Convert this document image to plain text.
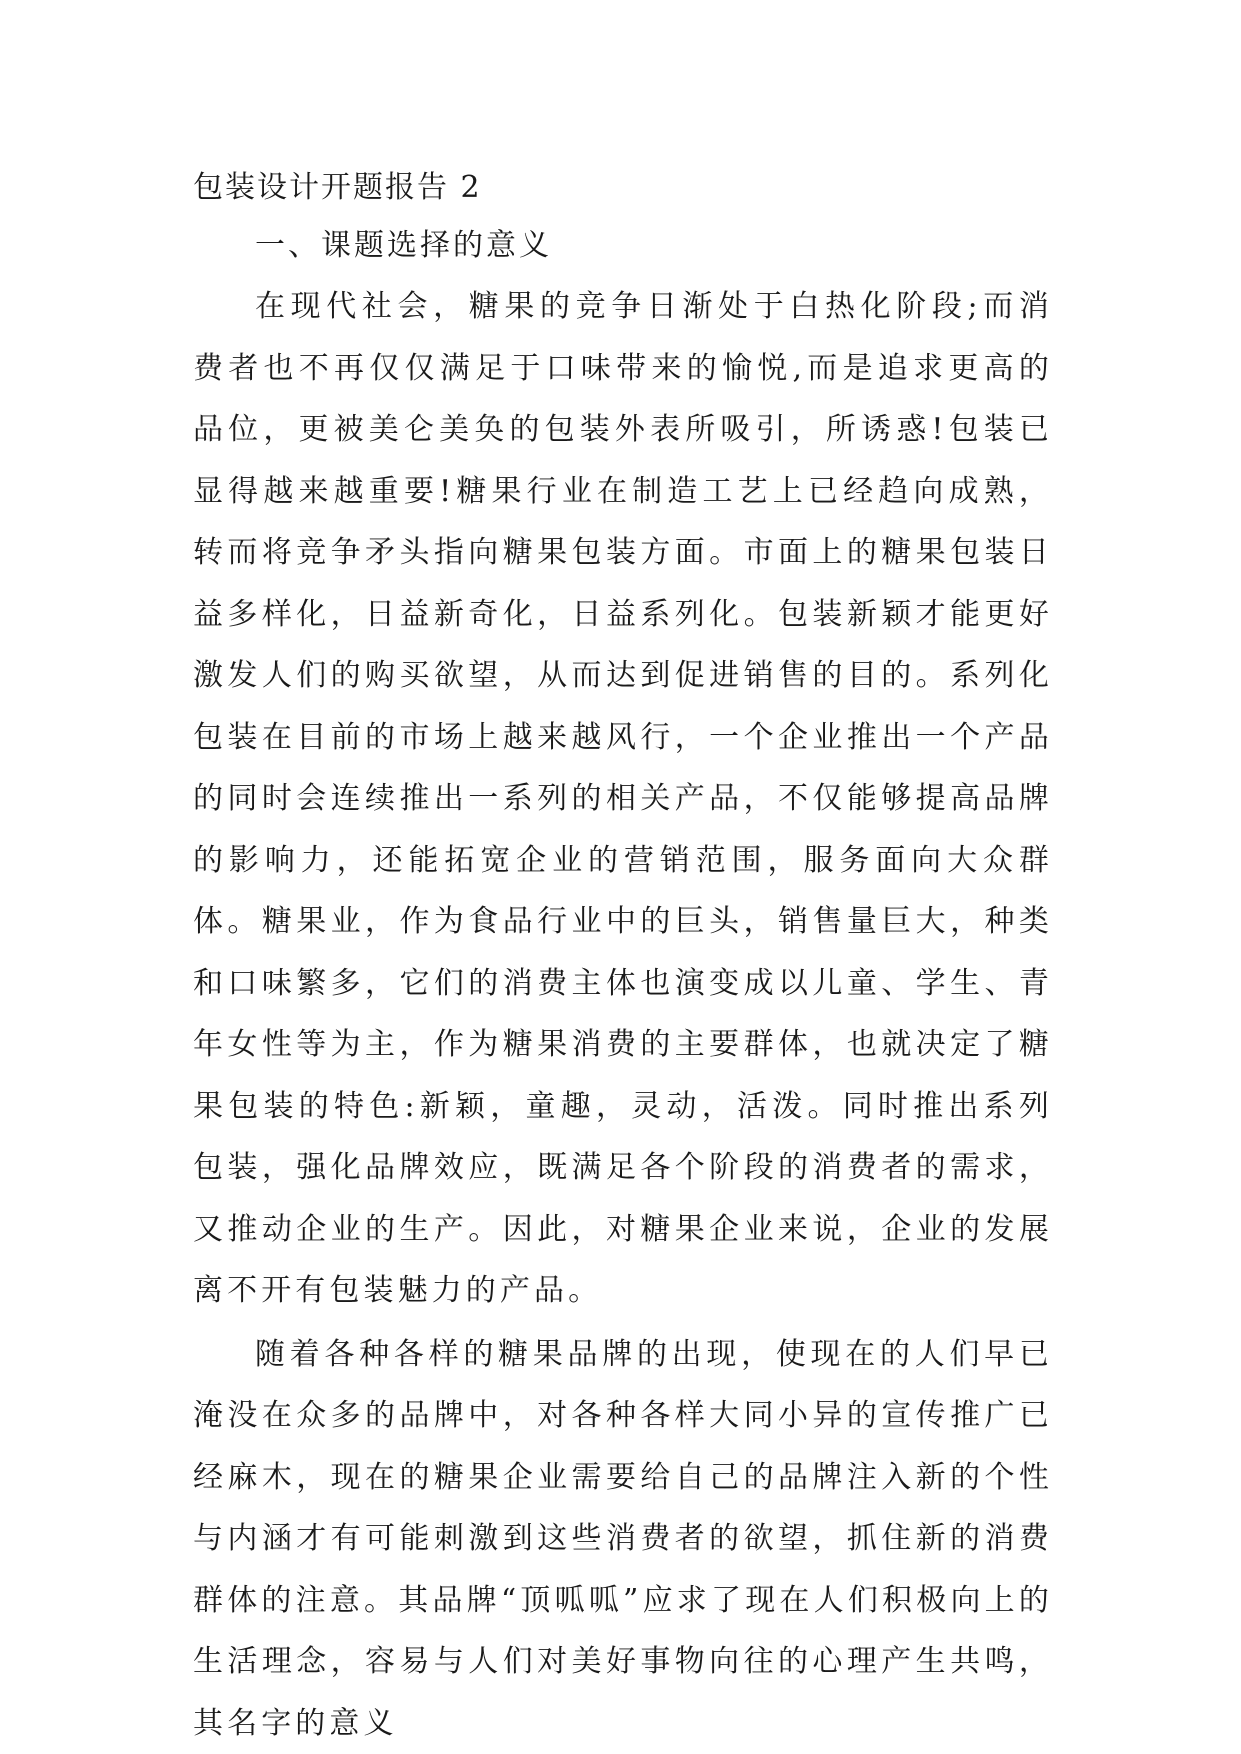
包装设计开题报告 2
一、课题选择的意义

在现代社会，糖果的竞争日渐处于白热化阶段;而消费者也不再仅仅满足于口味带来的愉悦,而是追求更高的品位，更被美仑美奂的包装外表所吸引，所诱惑!包装已显得越来越重要!糖果行业在制造工艺上已经趋向成熟，转而将竞争矛头指向糖果包装方面。市面上的糖果包装日益多样化，日益新奇化，日益系列化。包装新颖才能更好激发人们的购买欲望，从而达到促进销售的目的。系列化包装在目前的市场上越来越风行，一个企业推出一个产品的同时会连续推出一系列的相关产品，不仅能够提高品牌的影响力，还能拓宽企业的营销范围，服务面向大众群体。糖果业，作为食品行业中的巨头，销售量巨大，种类和口味繁多，它们的消费主体也演变成以儿童、学生、青年女性等为主，作为糖果消费的主要群体，也就决定了糖果包装的特色:新颖，童趣，灵动，活泼。同时推出系列包装，强化品牌效应，既满足各个阶段的消费者的需求，又推动企业的生产。因此，对糖果企业来说，企业的发展离不开有包装魅力的产品。

随着各种各样的糖果品牌的出现，使现在的人们早已淹没在众多的品牌中，对各种各样大同小异的宣传推广已经麻木，现在的糖果企业需要给自己的品牌注入新的个性与内涵才有可能刺激到这些消费者的欲望，抓住新的消费群体的注意。其品牌“顶呱呱”应求了现在人们积极向上的生活理念，容易与人们对美好事物向往的心理产生共鸣，其名字的意义
